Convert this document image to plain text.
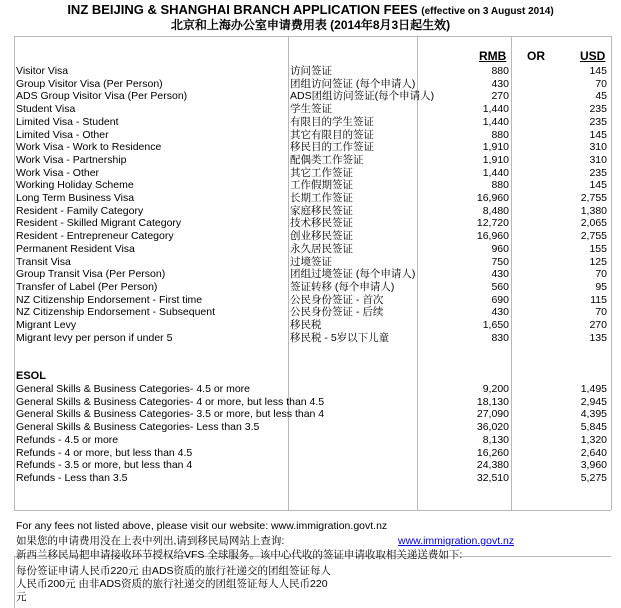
INZ BEIJING & SHANGHAI BRANCH APPLICATION FEES (effective on 3 August 2014)
北京和上海办公室申请费用表 (2014年8月3日起生效)
RMB OR	USD
Visitor Visa	访问签证	880	145
Group Visitor Visa (Per Person)	团组访问签证 (每个申请人)	430	70
ADS Group Visitor Visa (Per Person)	ADS团组访问签证(每个申请人)	270	45
Student Visa	学生签证	1,440	235
Limited Visa - Student	有限目的学生签证	1,440	235
Limited Visa - Other	其它有限目的签证	880	145
Work Visa - Work to Residence	移民目的工作签证	1,910	310
Work Visa - Partnership	配偶类工作签证	1,910	310
Work Visa - Other	其它工作签证	1,440	235
Working Holiday Scheme	工作假期签证	880	145
Long Term Business Visa	长期工作签证	16,960	2,755
Resident - Family Category	家庭移民签证	8,480	1,380
Resident - Skilled Migrant Category	技术移民签证	12,720	2,065
Resident - Entrepreneur Category	创业移民签证	16,960	2,755
Permanent Resident Visa	永久居民签证	960	155
Transit Visa	过境签证	750	125
Group Transit Visa (Per Person)	团组过境签证 (每个申请人)	430	70
Transfer of Label (Per Person)	签证转移 (每个申请人)	560	95
NZ Citizenship Endorsement - First time	公民身份签证 - 首次	690	115
NZ Citizenship Endorsement - Subsequent	公民身份签证 - 后续	430	70
Migrant Levy	移民税	1,650	270
Migrant levy per person if under 5	移民税 - 5岁以下儿童	830	135
ESOL
General Skills & Business Categories- 4.5 or more	9,200	1,495
General Skills & Business Categories- 4 or more, but less than 4.5	18,130	2,945
General Skills & Business Categories- 3.5 or more, but less than 4	27,090	4,395
General Skills & Business Categories- Less than 3.5	36,020	5,845
Refunds - 4.5 or more	8,130	1,320
Refunds - 4 or more, but less than 4.5	16,260	2,640
Refunds - 3.5 or more, but less than 4	24,380	3,960
Refunds - Less than 3.5	32,510	5,275
For any fees not listed above, please visit our website: www.immigration.govt.nz
如果您的申请费用没在上表中列出,请到移民局网站上查询:	www.immigration.govt.nz
新西兰移民局把申请接收环节授权给VFS 全球服务。该中心代收的签证申请收取相关递送费如下:
每份签证申请人民币220元 由ADS资质的旅行社递交的团组签证每人
人民币200元 由非ADS资质的旅行社递交的团组签证每人人民币220
元
